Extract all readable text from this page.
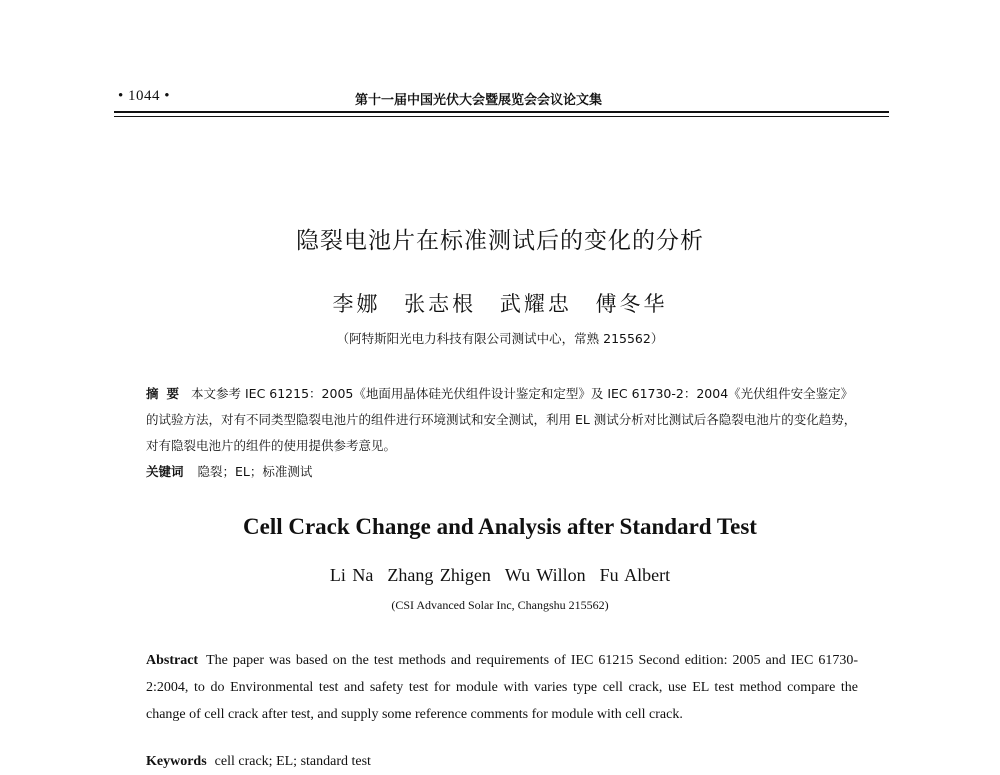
• 1044 •	第十一届中国光伏大会暨展览会会议论文集
隐裂电池片在标准测试后的变化的分析
李娜 张志根 武耀忠 傅冬华
（阿特斯阳光电力科技有限公司测试中心，常熟 215562）
摘要 本文参考 IEC 61215：2005《地面用晶体硅光伏组件设计鉴定和定型》及 IEC 61730-2：2004《光伏组件安全鉴定》的试验方法，对有不同类型隐裂电池片的组件进行环境测试和安全测试，利用 EL 测试分析对比测试后各隐裂电池片的变化趋势，对有隐裂电池片的组件的使用提供参考意见。
关键词 隐裂；EL；标准测试
Cell Crack Change and Analysis after Standard Test
Li Na Zhang Zhigen Wu Willon Fu Albert
(CSI Advanced Solar Inc, Changshu 215562)
Abstract The paper was based on the test methods and requirements of IEC 61215 Second edition: 2005 and IEC 61730-2:2004, to do Environmental test and safety test for module with varies type cell crack, use EL test method compare the change of cell crack after test, and supply some reference comments for module with cell crack.
Keywords cell crack; EL; standard test
